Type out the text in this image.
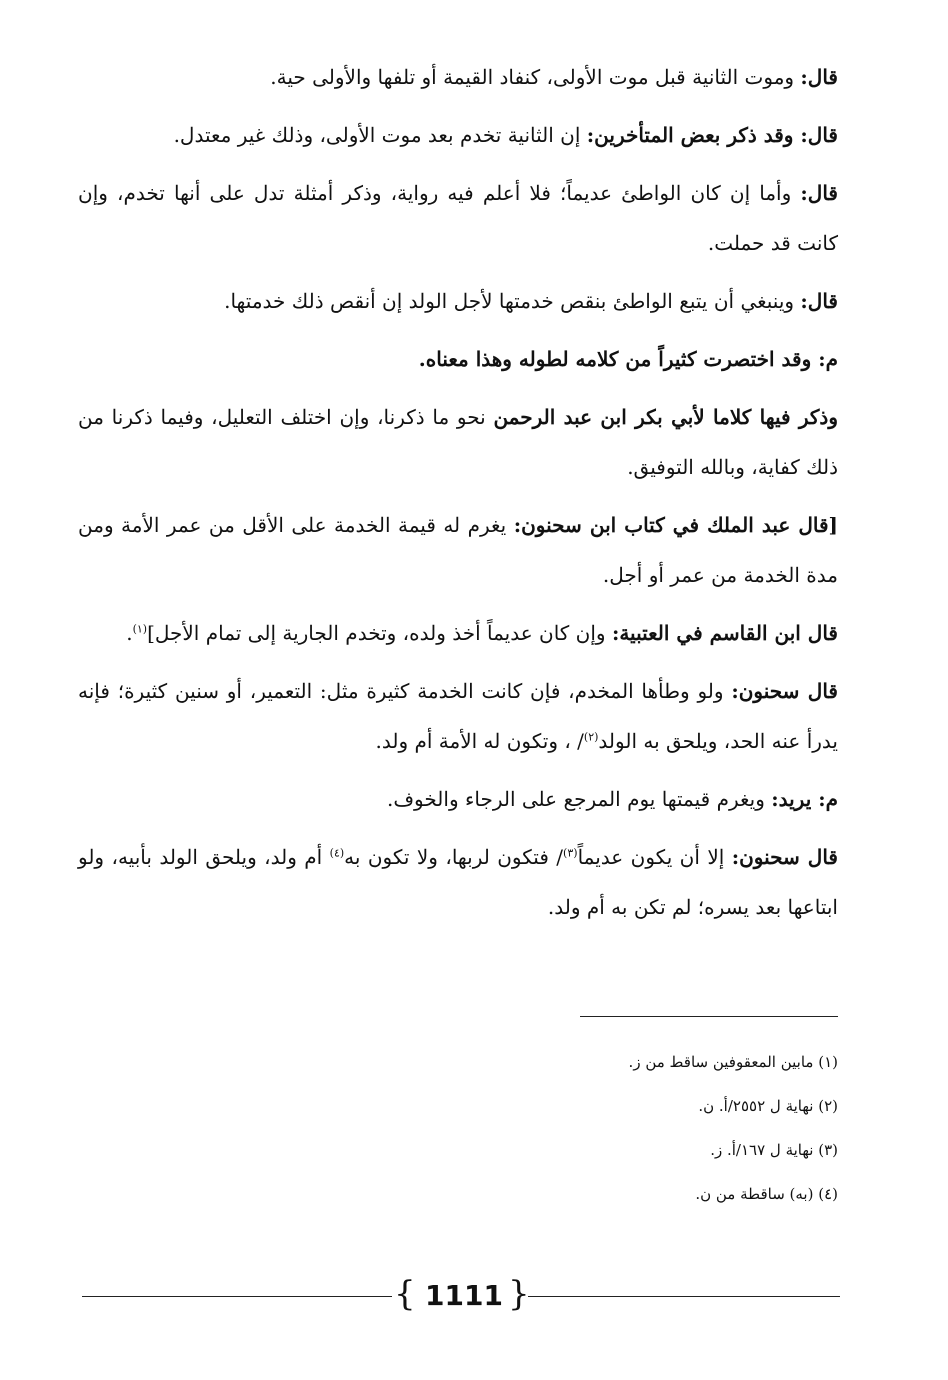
قال: وموت الثانية قبل موت الأولى، كنفاد القيمة أو تلفها والأولى حية.

قال: وقد ذكر بعض المتأخرين: إن الثانية تخدم بعد موت الأولى، وذلك غير معتدل.

قال: وأما إن كان الواطئ عديماً؛ فلا أعلم فيه رواية، وذكر أمثلة تدل على أنها تخدم، وإن كانت قد حملت.

قال: وينبغي أن يتبع الواطئ بنقص خدمتها لأجل الولد إن أنقص ذلك خدمتها.

م: وقد اختصرت كثيراً من كلامه لطوله وهذا معناه.

وذكر فيها كلاما لأبي بكر ابن عبد الرحمن نحو ما ذكرنا، وإن اختلف التعليل، وفيما ذكرنا من ذلك كفاية، وبالله التوفيق.

[قال عبد الملك في كتاب ابن سحنون: يغرم له قيمة الخدمة على الأقل من عمر الأمة ومن مدة الخدمة من عمر أو أجل.

قال ابن القاسم في العتبية: وإن كان عديماً أخذ ولده، وتخدم الجارية إلى تمام الأجل]$^{(١)}$.

قال سحنون: ولو وطأها المخدم، فإن كانت الخدمة كثيرة مثل: التعمير، أو سنين كثيرة؛ فإنه يدرأ عنه الحد، ويلحق به الولد$^{(٢)}$/ ، وتكون له الأمة أم ولد.

م: يريد: ويغرم قيمتها يوم المرجع على الرجاء والخوف.

قال سحنون: إلا أن يكون عديماً$^{(٣)}$/ فتكون لربها، ولا تكون به$^{(٤)}$ أم ولد، ويلحق الولد بأبيه، ولو ابتاعها بعد يسره؛ لم تكن به أم ولد.

(١) مابين المعقوفين ساقط من ز.

(٢) نهاية ل ٢٥٥٢/أ. ن.

(٣) نهاية ل ١٦٧/أ. ز.

(٤) (به) ساقطة من ن.

{ 1111 }
